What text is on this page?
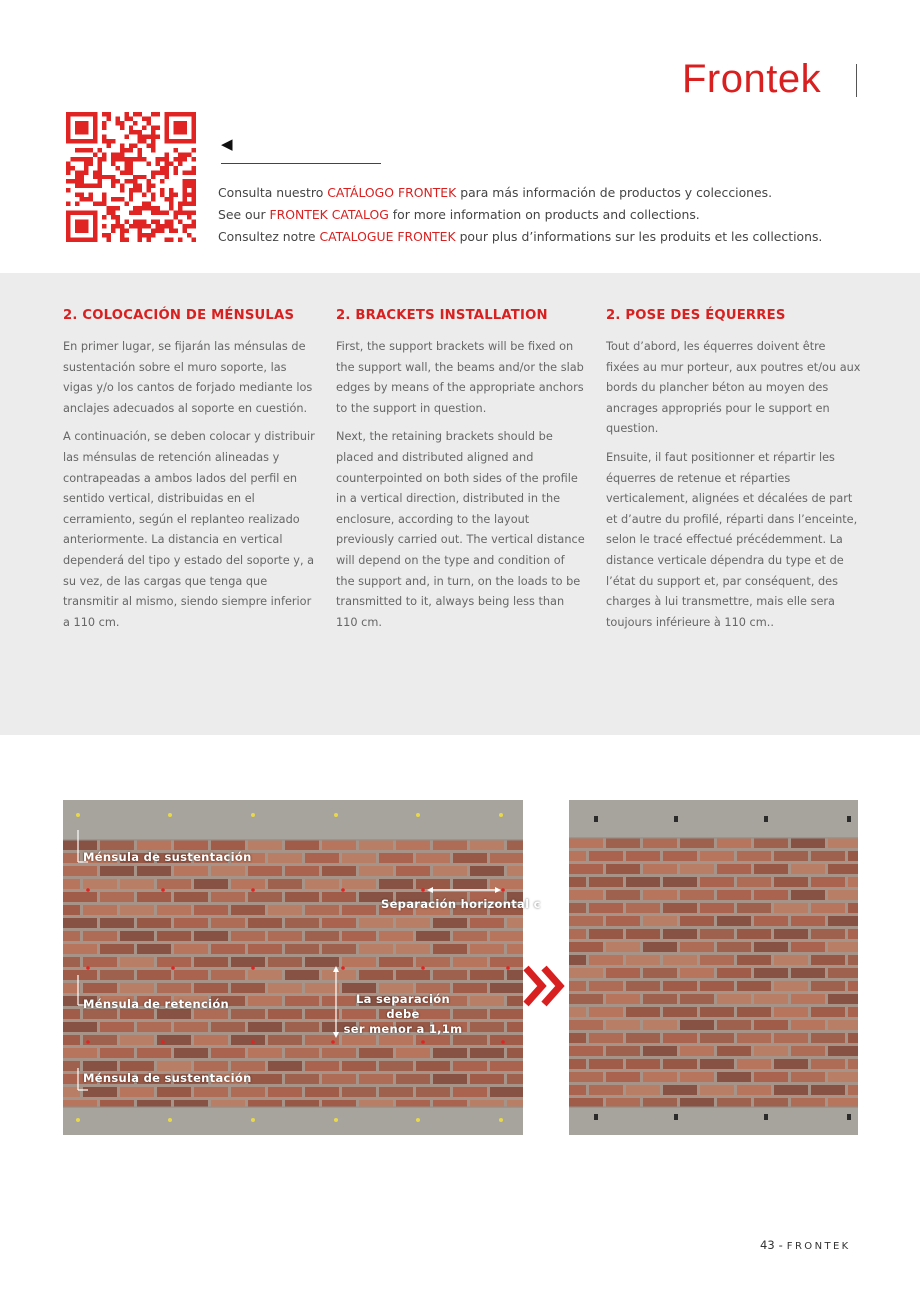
Frontek
◀
Consulta nuestro CATÁLOGO FRONTEK para más información de productos y colecciones.
See our FRONTEK CATALOG for more information on products and collections.
Consultez notre CATALOGUE FRONTEK pour plus d’informations sur les produits et les collections.
2. COLOCACIÓN DE MÉNSULAS

En primer lugar, se fijarán las ménsulas de sustentación sobre el muro soporte, las vigas y/o los cantos de forjado mediante los anclajes adecuados al soporte en cuestión.

A continuación, se deben colocar y distribuir las ménsulas de retención alineadas y contrapeadas a ambos lados del perfil en sentido vertical, distribuidas en el cerramiento, según el replanteo realizado anteriormente. La distancia en vertical dependerá del tipo y estado del soporte y, a su vez, de las cargas que tenga que transmitir al mismo, siendo siempre inferior a 110 cm.

2. BRACKETS INSTALLATION

First, the support brackets will be fixed on the support wall, the beams and/or the slab edges by means of the appropriate anchors to the support in question.

Next, the retaining brackets should be placed and distributed aligned and counterpointed on both sides of the profile in a vertical direction, distributed in the enclosure, according to the layout previously carried out. The vertical distance will depend on the type and condition of the support and, in turn, on the loads to be transmitted to it, always being less than 110 cm.

2. POSE DES ÉQUERRES

Tout d’abord, les équerres doivent être fixées au mur porteur, aux poutres et/ou aux bords du plancher béton au moyen des ancrages appropriés pour le support en question.

Ensuite, il faut positionner et répartir les équerres de retenue et réparties verticalement, alignées et décalées de part et d’autre du profilé, réparti dans l’enceinte, selon le tracé effectué précédemment. La distance verticale dépendra du type et de l’état du support et, par conséquent, des charges à lui transmettre, mais elle sera toujours inférieure à 110 cm..

Ménsula de sustentación
Separación horizontal c
Ménsula de retención	La separación debe
ser menor a 1,1m
Ménsula de sustentación
43 - FRONTEK
